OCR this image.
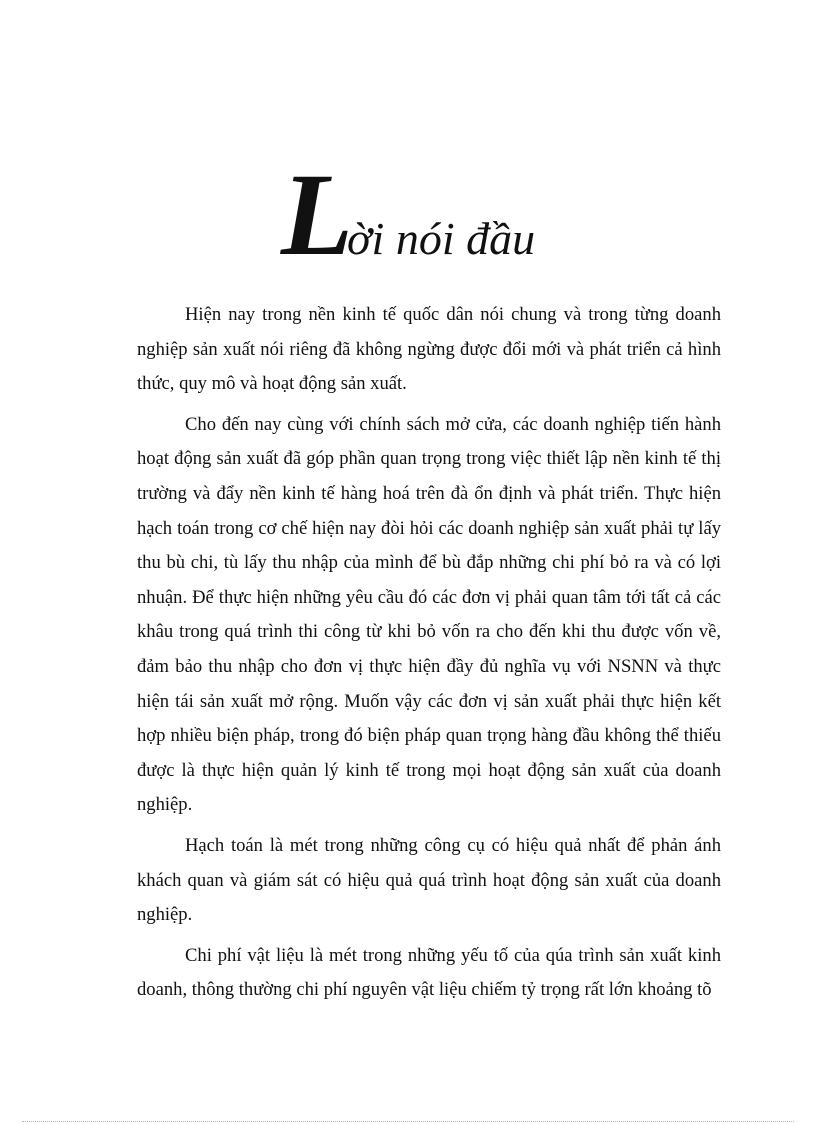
Lời nói đầu

Hiện nay trong nền kinh tế quốc dân nói chung và trong từng doanh nghiệp sản xuất nói riêng đã không ngừng được đổi mới và phát triển cả hình thức, quy mô và hoạt động sản xuất.

Cho đến nay cùng với chính sách mở cửa, các doanh nghiệp tiến hành hoạt động sản xuất đã góp phần quan trọng trong việc thiết lập nền kinh tế thị trường và đẩy nền kinh tế hàng hoá trên đà ổn định và phát triển. Thực hiện hạch toán trong cơ chế hiện nay đòi hỏi các doanh nghiệp sản xuất phải tự lấy thu bù chi, tù lấy thu nhập của mình để bù đắp những chi phí bỏ ra và có lợi nhuận. Để thực hiện những yêu cầu đó các đơn vị phải quan tâm tới tất cả các khâu trong quá trình thi công từ khi bỏ vốn ra cho đến khi thu được vốn về, đảm bảo thu nhập cho đơn vị thực hiện đầy đủ nghĩa vụ với NSNN và thực hiện tái sản xuất mở rộng. Muốn vậy các đơn vị sản xuất phải thực hiện kết hợp nhiều biện pháp, trong đó biện pháp quan trọng hàng đầu không thể thiếu được là thực hiện quản lý kinh tế trong mọi hoạt động sản xuất của doanh nghiệp.

Hạch toán là mét trong những công cụ có hiệu quả nhất để phản ánh khách quan và giám sát có hiệu quả quá trình hoạt động sản xuất của doanh nghiệp.

Chi phí vật liệu là mét trong những yếu tố của qúa trình sản xuất kinh doanh, thông thường chi phí nguyên vật liệu chiếm tỷ trọng rất lớn khoảng tõ
